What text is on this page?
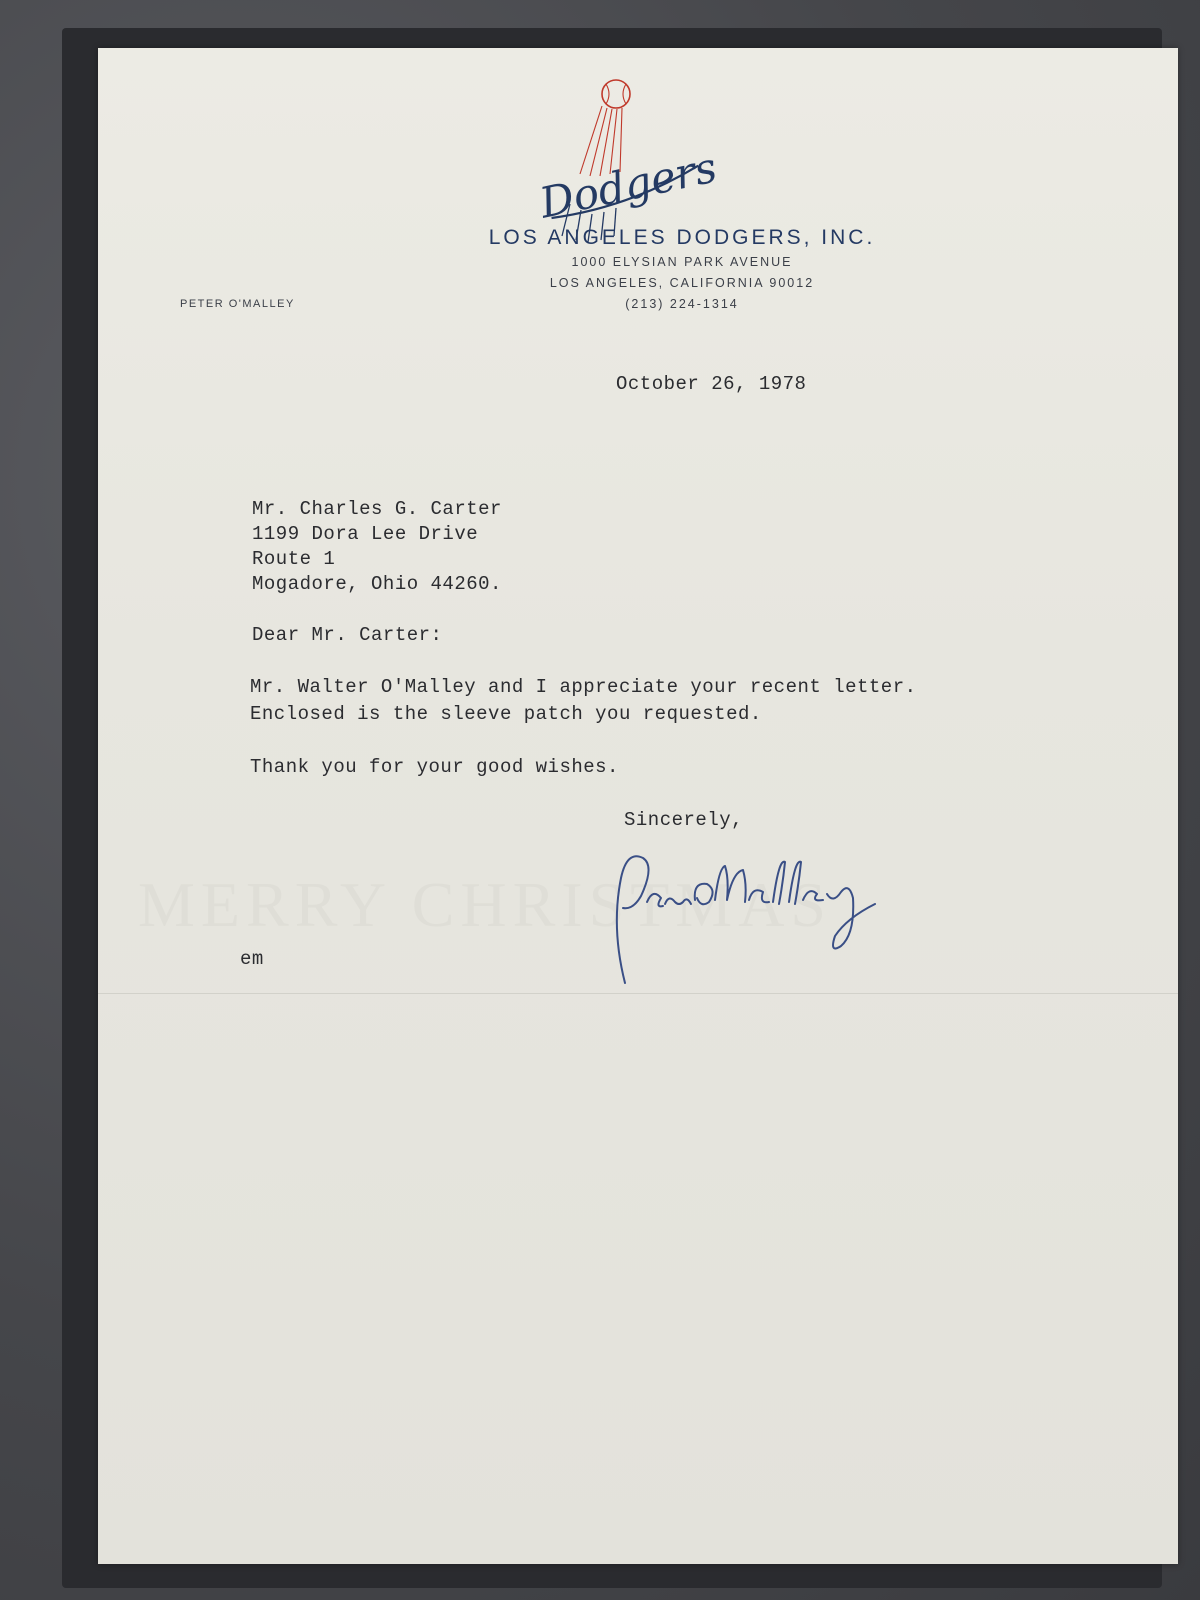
MERRY CHRISTMAS
Dodgers
LOS ANGELES DODGERS, INC.
1000 ELYSIAN PARK AVENUE
LOS ANGELES, CALIFORNIA 90012
(213) 224-1314
PETER O'MALLEY
October 26, 1978
Mr. Charles G. Carter
1199 Dora Lee Drive
Route 1
Mogadore, Ohio 44260.
Dear Mr. Carter:
Mr. Walter O'Malley and I appreciate your recent letter.
Enclosed is the sleeve patch you requested.
Thank you for your good wishes.
Sincerely,
em
